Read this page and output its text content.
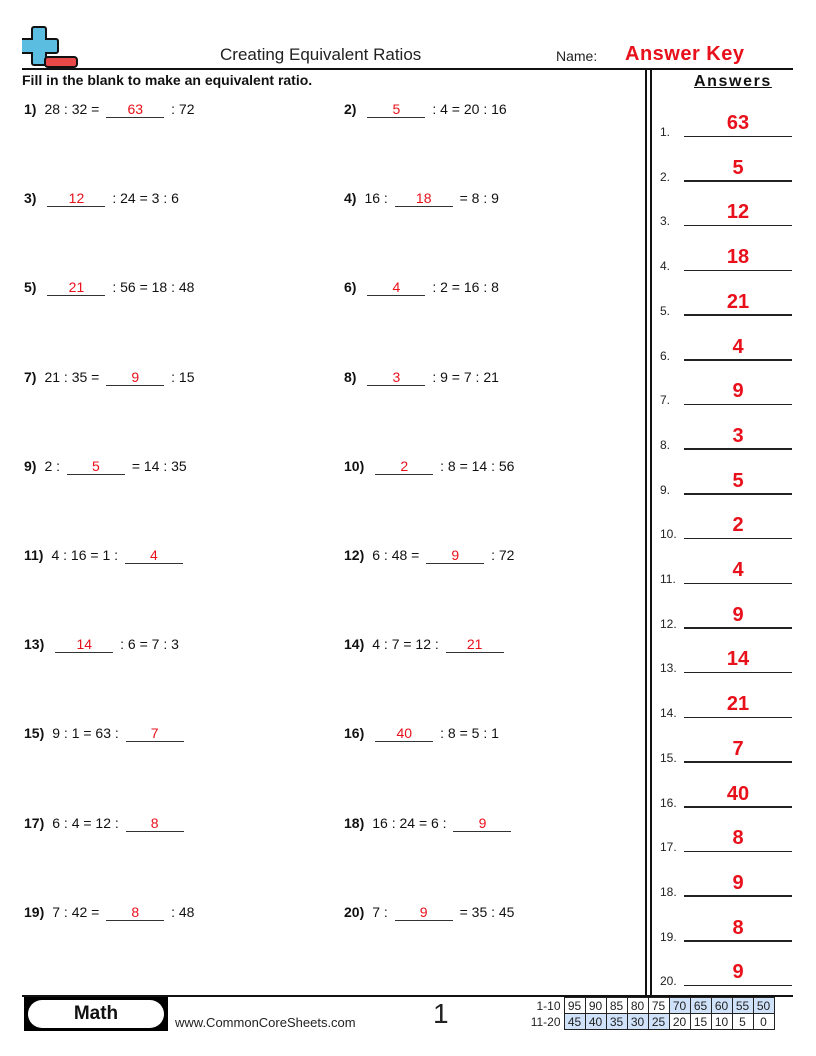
Creating Equivalent Ratios	Name: Answer Key
Fill in the blank to make an equivalent ratio.	Answers
1) 28 : 32 =
	63
	: 72	2)	5
	: 4 = 20 : 16
3)	12
	: 24 = 3 : 6	4) 16 :
	18
	= 8 : 9
5)	21
	: 56 = 18 : 48	6)	4
	: 2 = 16 : 8
7) 21 : 35 =
	9
	: 15	8)	3
	: 9 = 7 : 21
9) 2 :
	5
	= 14 : 35	10)	2
	: 8 = 14 : 56
11) 4 : 16 = 1 :
	4	12) 6 : 48 =
	9
	: 72
13)	14
	: 6 = 7 : 3	14) 4 : 7 = 12 :
	21
15) 9 : 1 = 63 :
	7	16)	40
	: 8 = 5 : 1
17) 6 : 4 = 12 :
	8	18) 16 : 24 = 6 :
	9
19) 7 : 42 =
	8
	: 48	20) 7 :
	9
	= 35 : 45
1.	63
2.	5
3.	12
4.	18
5.	21
6.	4
7.	9
8.	3
9.	5
10.	2
11.	4
12.	9
13.	14
14.	21
15.	7
16.	40
17.	8
18.	9
19.	8
20.	9
Math	www.CommonCoreSheets.com	1	1-10	95	90	85	80	75	70	65	60	55	50
11-20	45	40	35	30	25	20	15	10	5	0
